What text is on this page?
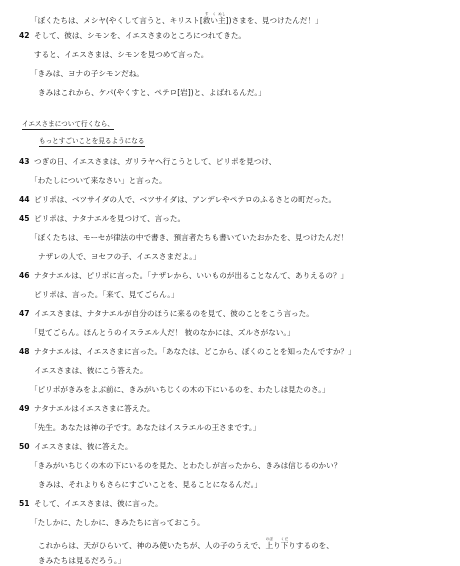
イエスさまについて行くなら、
もっとすごいことを見るようになる
「ぼくたちは、メシヤ(やくして言うと、キリスト[救いすく主ぬし])さまを、見つけたんだ！」
42 そして、彼は、シモンを、イエスさまのところにつれてきた。
すると、イエスさまは、シモンを見つめて言った。
「きみは、ヨナの子シモンだね。
きみはこれから、ケパ(やくすと、ペテロ[岩])と、よばれるんだ。」
43 つぎの日、イエスさまは、ガリラヤへ行こうとして、ピリポを見つけ、
「わたしについて来なさい」と言った。
44 ピリポは、ベツサイダの人で、ベツサイダは、アンデレやペテロのふるさとの町だった。
45 ピリポは、ナタナエルを見つけて、言った。
「ぼくたちは、モーセが律法の中で書き、預言者たちも書いていたおかたを、見つけたんだ！
ナザレの人で、ヨセフの子、イエスさまだよ。」
46 ナタナエルは、ピリポに言った。「ナザレから、いいものが出ることなんて、ありえるの？」
ピリポは、言った。「来て、見てごらん。」
47 イエスさまは、ナタナエルが自分のほうに来るのを見て、彼のことをこう言った。
「見てごらん。ほんとうのイスラエル人だ！ 彼のなかには、ズルさがない。」
48 ナタナエルは、イエスさまに言った。「あなたは、どこから、ぼくのことを知ったんですか？」
イエスさまは、彼にこう答えた。
「ピリポがきみをよぶ前に、きみがいちじくの木の下にいるのを、わたしは見たのさ。」
49 ナタナエルはイエスさまに答えた。
「先生。あなたは神の子です。あなたはイスラエルの王さまです。」
50 イエスさまは、彼に答えた。
「きみがいちじくの木の下にいるのを見た、とわたしが言ったから、きみは信じるのかい？
きみは、それよりもさらにすごいことを、見ることになるんだ。」
51 そして、イエスさまは、彼に言った。
「たしかに、たしかに、きみたちに言っておこう。
これからは、天がひらいて、神のみ使いたちが、人の子のうえで、上のぼり下くだりするのを、
きみたちは見るだろう。」
